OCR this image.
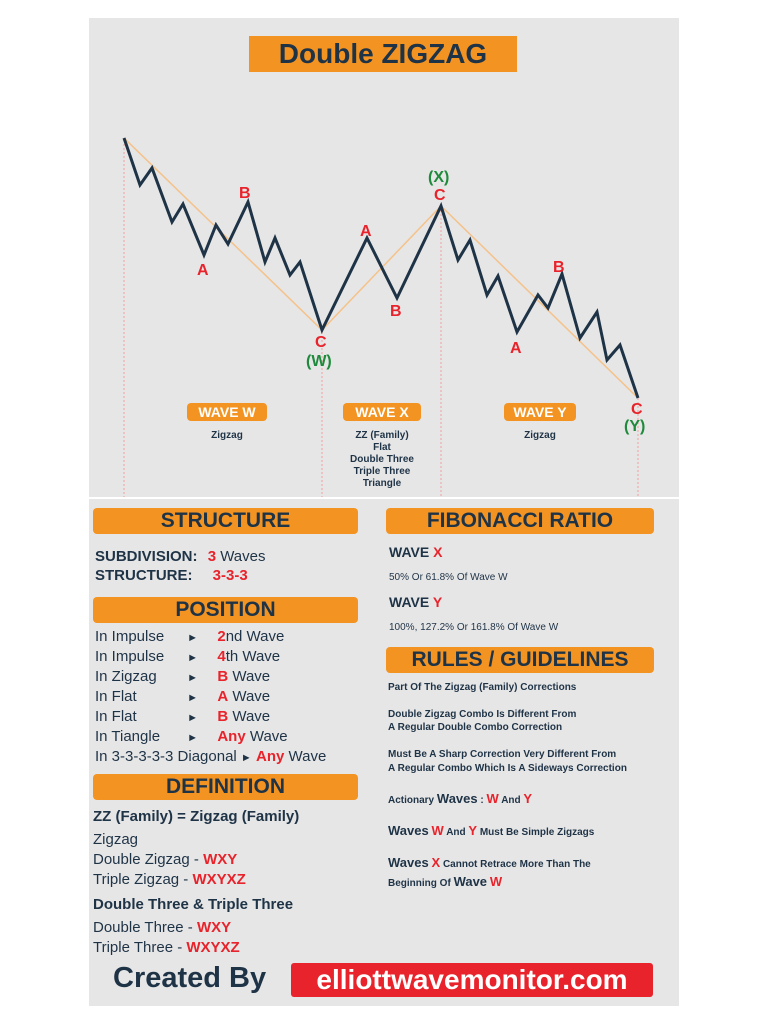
Double ZIGZAG
A
B
C
(W)
A
B
C
(X)
A
B
C
(Y)
WAVE W
Zigzag
WAVE X
ZZ (Family)
Flat
Double Three
Triple Three
Triangle
WAVE Y
Zigzag
STRUCTURE
SUBDIVISION: 3 Waves
STRUCTURE: 3-3-3
POSITION
In Impulse ► 2nd Wave
In Impulse ► 4th Wave
In Zigzag	► B Wave
In Flat	► A Wave
In Flat	► B Wave
In Tiangle ► Any Wave
In 3-3-3-3-3 Diagonal ► Any Wave
DEFINITION
ZZ (Family) = Zigzag (Family)
Zigzag
Double Zigzag - WXY
Triple Zigzag - WXYXZ
Double Three & Triple Three
Double Three - WXY
Triple Three - WXYXZ
FIBONACCI RATIO
WAVE X
50% Or 61.8% Of Wave W
WAVE Y
100%, 127.2% Or 161.8% Of Wave W
RULES / GUIDELINES
Part Of The Zigzag (Family) Corrections
Double Zigzag Combo Is Different From
A Regular Double Combo Correction
Must Be A Sharp Correction Very Different From
A Regular Combo Which Is A Sideways Correction
Actionary Waves : W And Y
Waves W And Y Must Be Simple Zigzags
Waves X Cannot Retrace More Than The
Beginning Of Wave W
Created By	elliottwavemonitor.com
